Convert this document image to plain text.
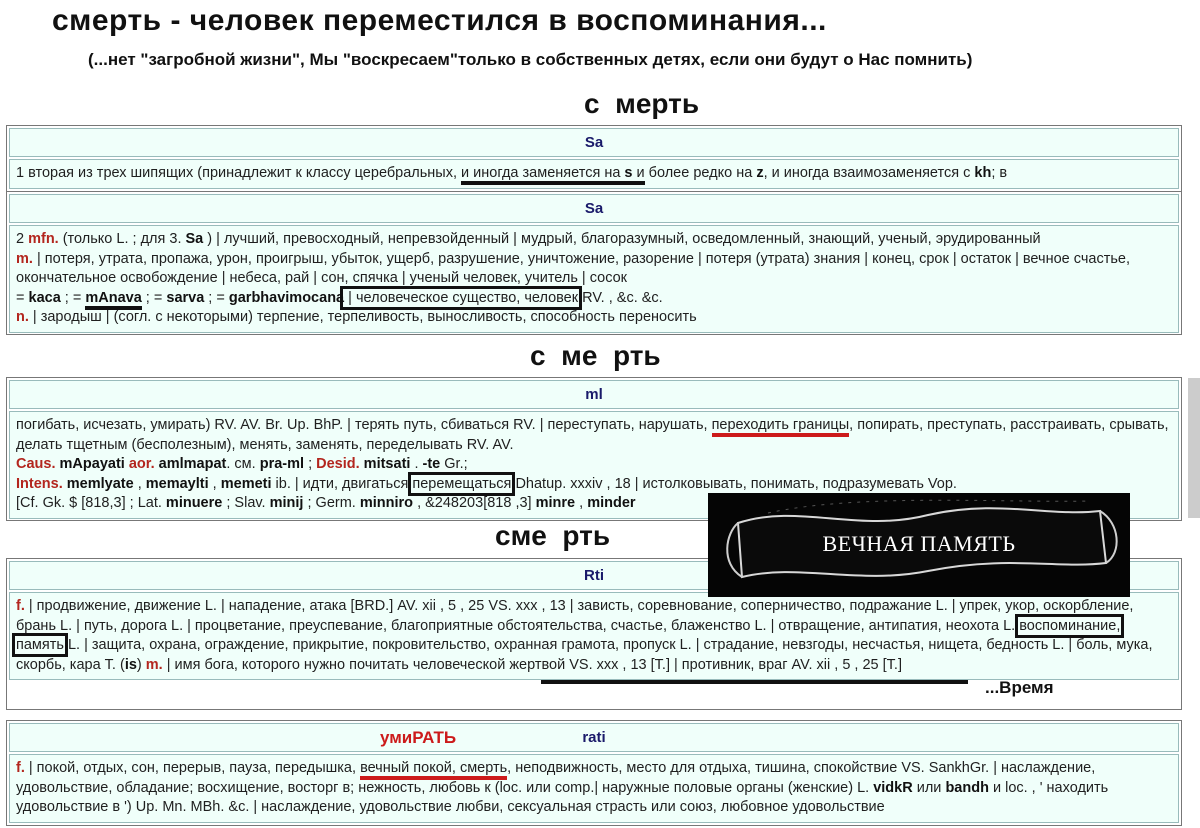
смерть - человек переместился в воспоминания...
(...нет "загробной жизни", Мы "воскресаем"только в собственных детях, если они будут о Нас помнить)
с  мерть
Sa
1 вторая из трех шипящих (принадлежит к классу церебральных, и иногда заменяется на s и более редко на z, и иногда взаимозаменяется с kh; в
Sa
2 mfn. (только L. ; для 3. Sa ) | лучший, превосходный, непревзойденный | мудрый, благоразумный, осведомленный, знающий, ученый, эрудированный
m. | потеря, утрата, пропажа, урон, проигрыш, убыток, ущерб, разрушение, уничтожение, разорение | потеря (утрата) знания | конец, срок | остаток | вечное счастье, окончательное освобождение | небеса, рай | сон, спячка | ученый человек, учитель | сосок
= kaca ; = mAnava ; = sarva ; = garbhavimocana | человеческое существо, человек RV. , &c. &c.
n. | зародыш | (согл. с некоторыми) терпение, терпеливость, выносливость, способность переносить
с  ме  рть
ml
погибать, исчезать, умирать) RV. AV. Br. Up. BhP. | терять путь, сбиваться RV. | переступать, нарушать, переходить границы, попирать, преступать, расстраивать, срывать, делать тщетным (бесполезным), менять, заменять, переделывать RV. AV.
Caus. mApayati aor. amlmapat. см. pra-ml ; Desid. mitsati . -te Gr.;
Intens. memlyate , memaylti , memeti ib. | идти, двигаться перемещаться Dhatup. xxxiv , 18 | истолковывать, понимать, подразумевать Vop.
[Cf. Gk. $ [818,3] ; Lat. minuere ; Slav. minij ; Germ. minniro , &248203[818 ,3] minre , minder
сме  рть
Rti
f. | продвижение, движение L. | нападение, атака [BRD.] AV. xii , 5 , 25 VS. xxx , 13 | зависть, соревнование, соперничество, подражание L. | упрек, укор, оскорбление, брань L. | путь, дорога L. | процветание, преуспевание, благоприятные обстоятельства, счастье, блаженство L. | отвращение, антипатия, неохота L. воспоминание, память L. | защита, охрана, ограждение, прикрытие, покровительство, охранная грамота, пропуск L. | страдание, невзгоды, несчастья, нищета, бедность L. | боль, мука, скорбь, кара T. (is) m. | имя бога, которого нужно почитать человеческой жертвой VS. xxx , 13 [T.] | противник, враг AV. xii , 5 , 25 [T.]
ВЕЧНАЯ ПАМЯТЬ
...Время
rati
умиРАТЬ
f. | покой, отдых, сон, перерыв, пауза, передышка, вечный покой, смерть, неподвижность, место для отдыха, тишина, спокойствие VS. SankhGr. | наслаждение, удовольствие, обладание; восхищение, восторг в; нежность, любовь к (loc. или comp.| наружные половые органы (женские) L. vidkR или bandh и loc. , ' находить удовольствие в ') Up. Mn. MBh. &c. | наслаждение, удовольствие любви, сексуальная страсть или союз, любовное удовольствие
